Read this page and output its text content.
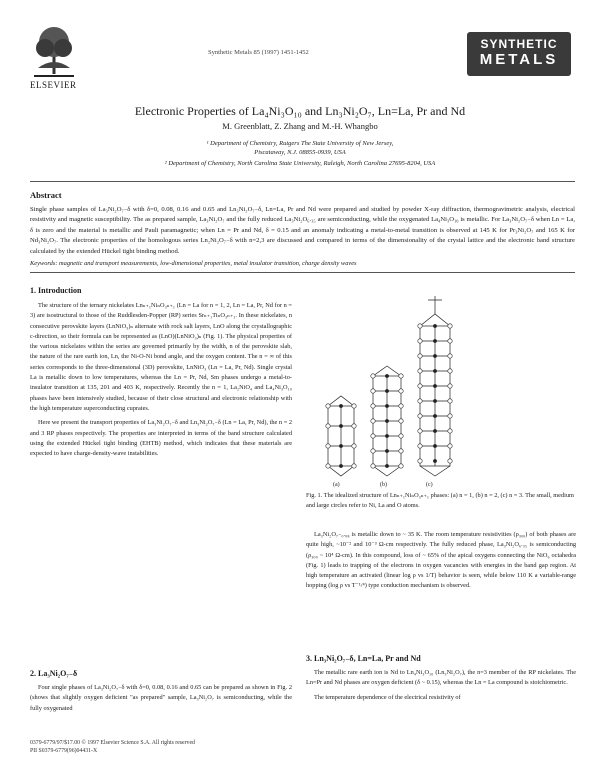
ELSEVIER
Synthetic Metals 85 (1997) 1451-1452
SYNTHETIC
METALS
Electronic Properties of La₄Ni₃O₁₀ and Ln₃Ni₂O₇, Ln=La, Pr and Nd
M. Greenblatt, Z. Zhang and M.-H. Whangbo
¹ Department of Chemistry, Rutgers The State University of New Jersey,
Piscataway, N.J. 08855-0939, USA
² Department of Chemistry, North Carolina State University, Raleigh, North Carolina 27695-8204, USA
Abstract
Single phase samples of La₃Ni₂O₇₋δ with δ=0, 0.08, 0.16 and 0.65 and Ln₃Ni₂O₇₋δ, Ln=La, Pr and Nd were prepared and studied by powder X-ray diffraction, thermogravimetric analysis, electrical resistivity and magnetic susceptibility. The as prepared sample, La₃Ni₂O₇ and the fully reduced La₃Ni₂O₆.₃₅ are semiconducting, while the oxygenated La₄Ni₃O₁₀ is metallic. For La₃Ni₂O₇₋δ when Ln = La, δ is zero and the material is metallic and Pauli paramagnetic; when Ln = Pr and Nd, δ = 0.15 and an anomaly indicating a metal-to-metal transition is observed at 145 K for Pr₃Ni₂O₇ and 165 K for Nd₃Ni₂O₇. The electronic properties of the homologous series Ln₂Ni₂O₇₋δ with n=2,3 are discussed and compared in terms of the dimensionality of the crystal lattice and the electronic band structure calculated by the extended Hückel tight binding method.
Keywords: magnetic and transport measurements, low-dimensional properties, metal insulator transition, charge density waves
1. Introduction

The structure of the ternary nickelates Lnₙ₊₁NiₙO₃ₙ₊₁ (Ln = La for n = 1, 2, Ln = La, Pr, Nd for n = 3) are isostructural to those of the Ruddlesden-Popper (RP) series Srₙ₊₁TiₙO₃ₙ₊₁. In these nickelates, n consecutive perovskite layers (LnNiO₃)ₙ alternate with rock salt layers, LnO along the crystallographic c-direction, so their formula can be represented as (LnO)(LnNiO₃)ₙ (Fig. 1). The physical properties of the various nickelates within the series are governed primarily by the width, n of the perovskite slab, the nature of the rare earth ion, Ln, the Ni-O-Ni bond angle, and the oxygen content. The n = ∞ of this series corresponds to the three-dimensional (3D) perovskite, LnNiO₃ (Ln = La, Pr, Nd). Single crystal La is metallic down to low temperatures, whereas the Ln = Pr, Nd, Sm phases undergo a metal-to-insulator transition at 135, 201 and 403 K, respectively. Recently the n = 1, La₂NiO₄ and La₄Ni₃O₁₀ phases have been intensively studied, because of their close structural and electronic relationship with the high temperature superconducting cuprates.

Here we present the transport properties of La₃Ni₂O₇₋δ and Ln₃Ni₂O₇₋δ (Ln = La, Pr, Nd), the n = 2 and 3 RP phases respectively. The properties are interpreted in terms of the band structure calculated using the extended Hückel tight binding (EHTB) method, which indicates that these materials are expected to have charge-density-wave instabilities.

2. La₃Ni₂O₇₋δ

Four single phases of La₃Ni₂O₇₋δ with δ=0, 0.08, 0.16 and 0.65 can be prepared as shown in Fig. 2 (shows that slightly oxygen deficient "as prepared" sample, La₃Ni₂O₇ is semiconducting, while the fully oxygenated

(a)	(b)	(c)
Fig. 1. The idealized structure of Lnₙ₊₁NiₙO₃ₙ₊₁ phases: (a) n = 1, (b) n = 2, (c) n = 3. The small, medium and large circles refer to Ni, La and O atoms.

La₃Ni₂O₇₋₀.₀₈ is metallic down to ~ 35 K. The room temperature resistivities (ρ₃₀₀) of both phases are quite high, ~10⁻² and 10⁻³ Ω-cm respectively. The fully reduced phase, La₃Ni₂O₆.₃₅ is semiconducting (ρ₃₀₀ ~ 10⁴ Ω-cm). In this compound, loss of ~ 65% of the apical oxygens connecting the NiO₆ octahedra (Fig. 1) leads to trapping of the electrons in oxygen vacancies with energies in the band gap region. At high temperature an activated (linear log ρ vs 1/T) behavior is seen, while below 110 K a variable-range hopping (log ρ vs T⁻¹/⁴) type conduction mechanism is observed.

3. Ln₃Ni₂O₇₋δ, Ln=La, Pr and Nd

The metallic rare earth ion is Nd to Ln₄Ni₃O₁₀ (Ln₃Ni₂O₇), the n=3 member of the RP nickelates. The Ln=Pr and Nd phases are oxygen deficient (δ ~ 0.15), whereas the Ln = La compound is stoichiometric.

The temperature dependence of the electrical resistivity of

0379-6779/97/$17.00 © 1997 Elsevier Science S.A. All rights reserved
PII S0379-6779(96)04431-X
